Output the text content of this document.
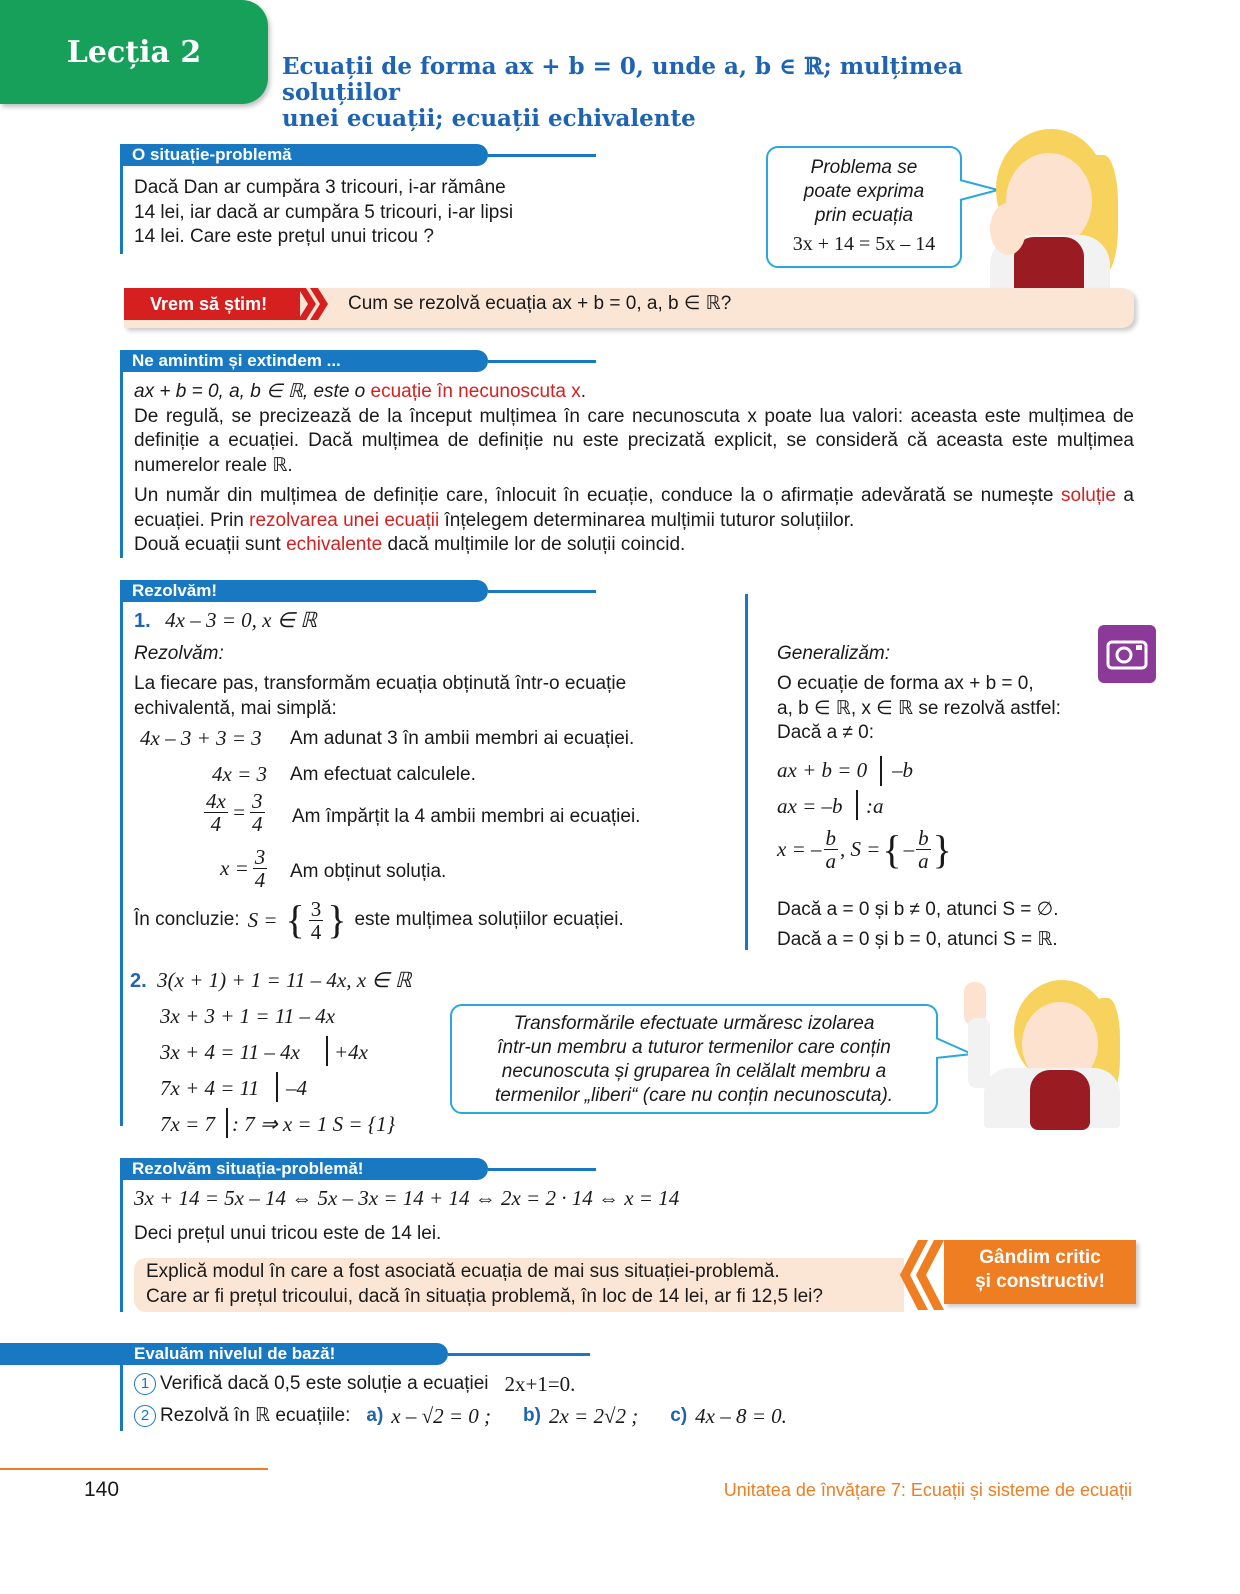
Lecția 2	Ecuații de forma ax + b = 0, unde a, b ∈ ℝ; mulțimea soluțiilor
unei ecuații; ecuații echivalente
O situație-problemă
Dacă Dan ar cumpăra 3 tricouri, i-ar rămâne
14 lei, iar dacă ar cumpăra 5 tricouri, i-ar lipsi
14 lei. Care este prețul unui tricou ?
Problema se
poate exprima
prin ecuația
3x + 14 = 5x – 14
Vrem să știm!	Cum se rezolvă ecuația ax + b = 0, a, b ∈ ℝ?
Ne amintim și extindem ...
ax + b = 0, a, b ∈ ℝ, este o ecuație în necunoscuta x.
De regulă, se precizează de la început mulțimea în care necunoscuta x poate lua valori: aceasta este mulțimea de definiție a ecuației. Dacă mulțimea de definiție nu este precizată explicit, se consideră că aceasta este mulțimea numerelor reale ℝ.
Un număr din mulțimea de definiție care, înlocuit în ecuație, conduce la o afirmație adevărată se numește soluție a ecuației. Prin rezolvarea unei ecuații înțelegem determinarea mulțimii tuturor soluțiilor.
Două ecuații sunt echivalente dacă mulțimile lor de soluții coincid.
Rezolvăm!
1. 4x – 3 = 0, x ∈ ℝ
Rezolvăm:
La fiecare pas, transformăm ecuația obținută într-o ecuație
echivalentă, mai simplă:
4x – 3 + 3 = 3 Am adunat 3 în ambii membri ai ecuației.
4x = 3 Am efectuat calculele.
$\frac{4x}{4} = \frac{3}{4}$ Am împărțit la 4 ambii membri ai ecuației.
$x = \frac{3}{4}$ Am obținut soluția.
În concluzie: S = { $\frac{3}{4}$ } este mulțimea soluțiilor ecuației.
Generalizăm:
O ecuație de forma ax + b = 0,
a, b ∈ ℝ, x ∈ ℝ se rezolvă astfel:
Dacă a ≠ 0:
ax + b = 0 –b
ax = –b :a
x = – $\frac{b}{a}$ , S = { – $\frac{b}{a}$ }
Dacă a = 0 și b ≠ 0, atunci S = ∅.
Dacă a = 0 și b = 0, atunci S = ℝ.
2. 3(x + 1) + 1 = 11 – 4x, x ∈ ℝ
3x + 3 + 1 = 11 – 4x
3x + 4 = 11 – 4x +4x
7x + 4 = 11 –4
7x = 7 : 7 ⇒ x = 1 S = {1}
Transformările efectuate urmăresc izolarea
într-un membru a tuturor termenilor care conțin
necunoscuta și gruparea în celălalt membru a
termenilor „liberi“ (care nu conțin necunoscuta).
Rezolvăm situația-problemă!
3x + 14 = 5x – 14 ⇔ 5x – 3x = 14 + 14 ⇔ 2x = 2 · 14 ⇔ x = 14
Deci prețul unui tricou este de 14 lei.
Explică modul în care a fost asociată ecuația de mai sus situației-problemă.
Care ar fi prețul tricoului, dacă în situația problemă, în loc de 14 lei, ar fi 12,5 lei?
Gândim critic
și constructiv!
Evaluăm nivelul de bază!
1 Verifică dacă 0,5 este soluție a ecuației 2x+1=0.
2 Rezolvă în ℝ ecuațiile: a) x – √2 = 0 ; b) 2x = 2√2 ; c) 4x – 8 = 0.
140	Unitatea de învățare 7: Ecuații și sisteme de ecuații
